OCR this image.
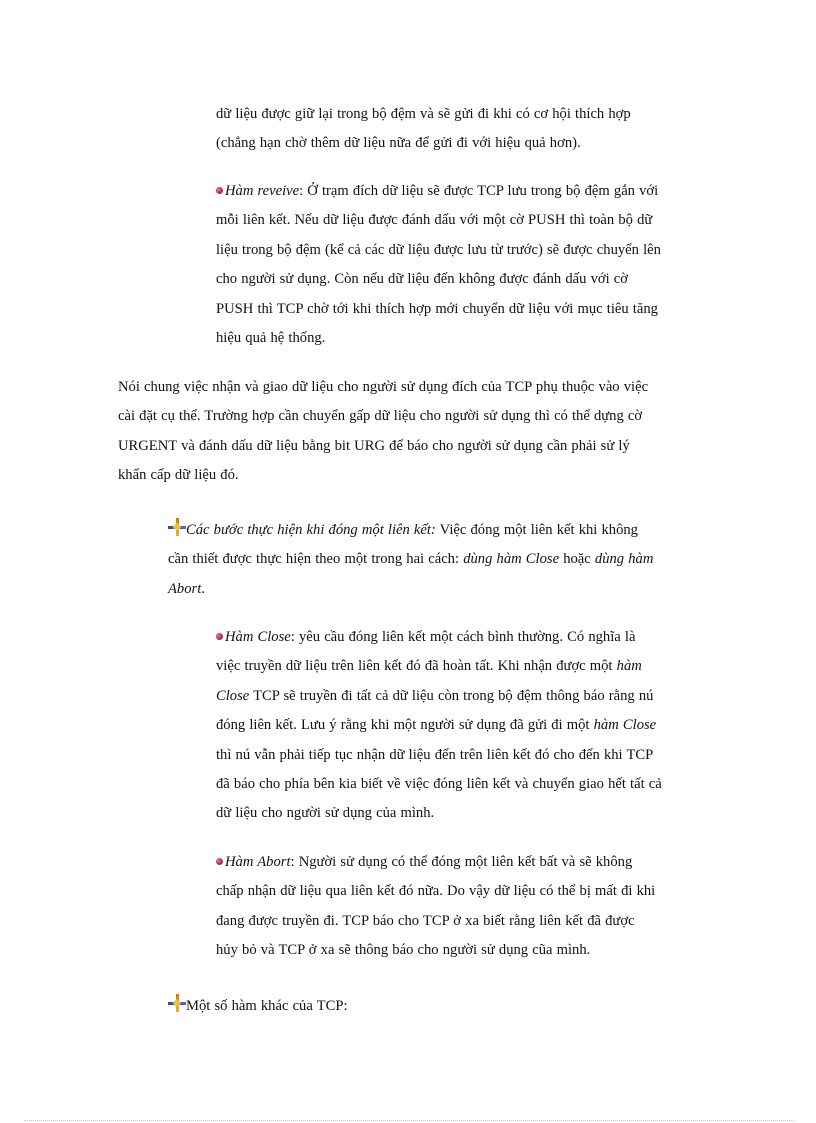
dữ liệu được giữ lại trong bộ đệm và sẽ gửi đi khi có cơ hội thích hợp
(chẳng hạn chờ thêm dữ liệu nữa để gửi đi với hiệu quả hơn).
Hàm reveive: Ở trạm đích dữ liệu sẽ được TCP lưu trong bộ đệm gắn với
mỗi liên kết. Nếu dữ liệu được đánh dấu với một cờ PUSH thì toàn bộ dữ
liệu trong bộ đệm (kể cả các dữ liệu được lưu từ trước) sẽ được chuyển lên
cho người sử dụng. Còn nếu dữ liệu đến không được đánh dấu với cờ
PUSH thì TCP chờ tới khi thích hợp mới chuyển dữ liệu với mục tiêu tăng
hiệu quả hệ thống.
Nói chung việc nhận và giao dữ liệu cho người sử dụng đích của TCP phụ thuộc vào việc
cài đặt cụ thể. Trường hợp cần chuyển gấp dữ liệu cho người sử dụng thì có thể dựng cờ
URGENT và đánh dấu dữ liệu bằng bit URG để báo cho người sử dụng cần phải sử lý
khẩn cấp dữ liệu đó.
Các bước thực hiện khi đóng một liên kết: Việc đóng một liên kết khi không
cần thiết được thực hiện theo một trong hai cách: dùng hàm Close hoặc dùng hàm
Abort.
Hàm Close: yêu cầu đóng liên kết một cách bình thường. Có nghĩa là
việc truyền dữ liệu trên liên kết đó đã hoàn tất. Khi nhận được một hàm
Close TCP sẽ truyền đi tất cả dữ liệu còn trong bộ đệm thông báo rằng nú
đóng liên kết. Lưu ý rằng khi một người sử dụng đã gửi đi một hàm Close
thì nú vẫn phải tiếp tục nhận dữ liệu đến trên liên kết đó cho đến khi TCP
đã báo cho phía bên kia biết về việc đóng liên kết và chuyển giao hết tất cả
dữ liệu cho người sử dụng của mình.
Hàm Abort: Người sử dụng có thể đóng một liên kết bất và sẽ không
chấp nhận dữ liệu qua liên kết đó nữa. Do vậy dữ liệu có thể bị mất đi khi
đang được truyền đi. TCP báo cho TCP ở xa biết rằng liên kết đã được
hủy bỏ và TCP ở xa sẽ thông báo cho người sử dụng cũa mình.
Một số hàm khác của TCP:
